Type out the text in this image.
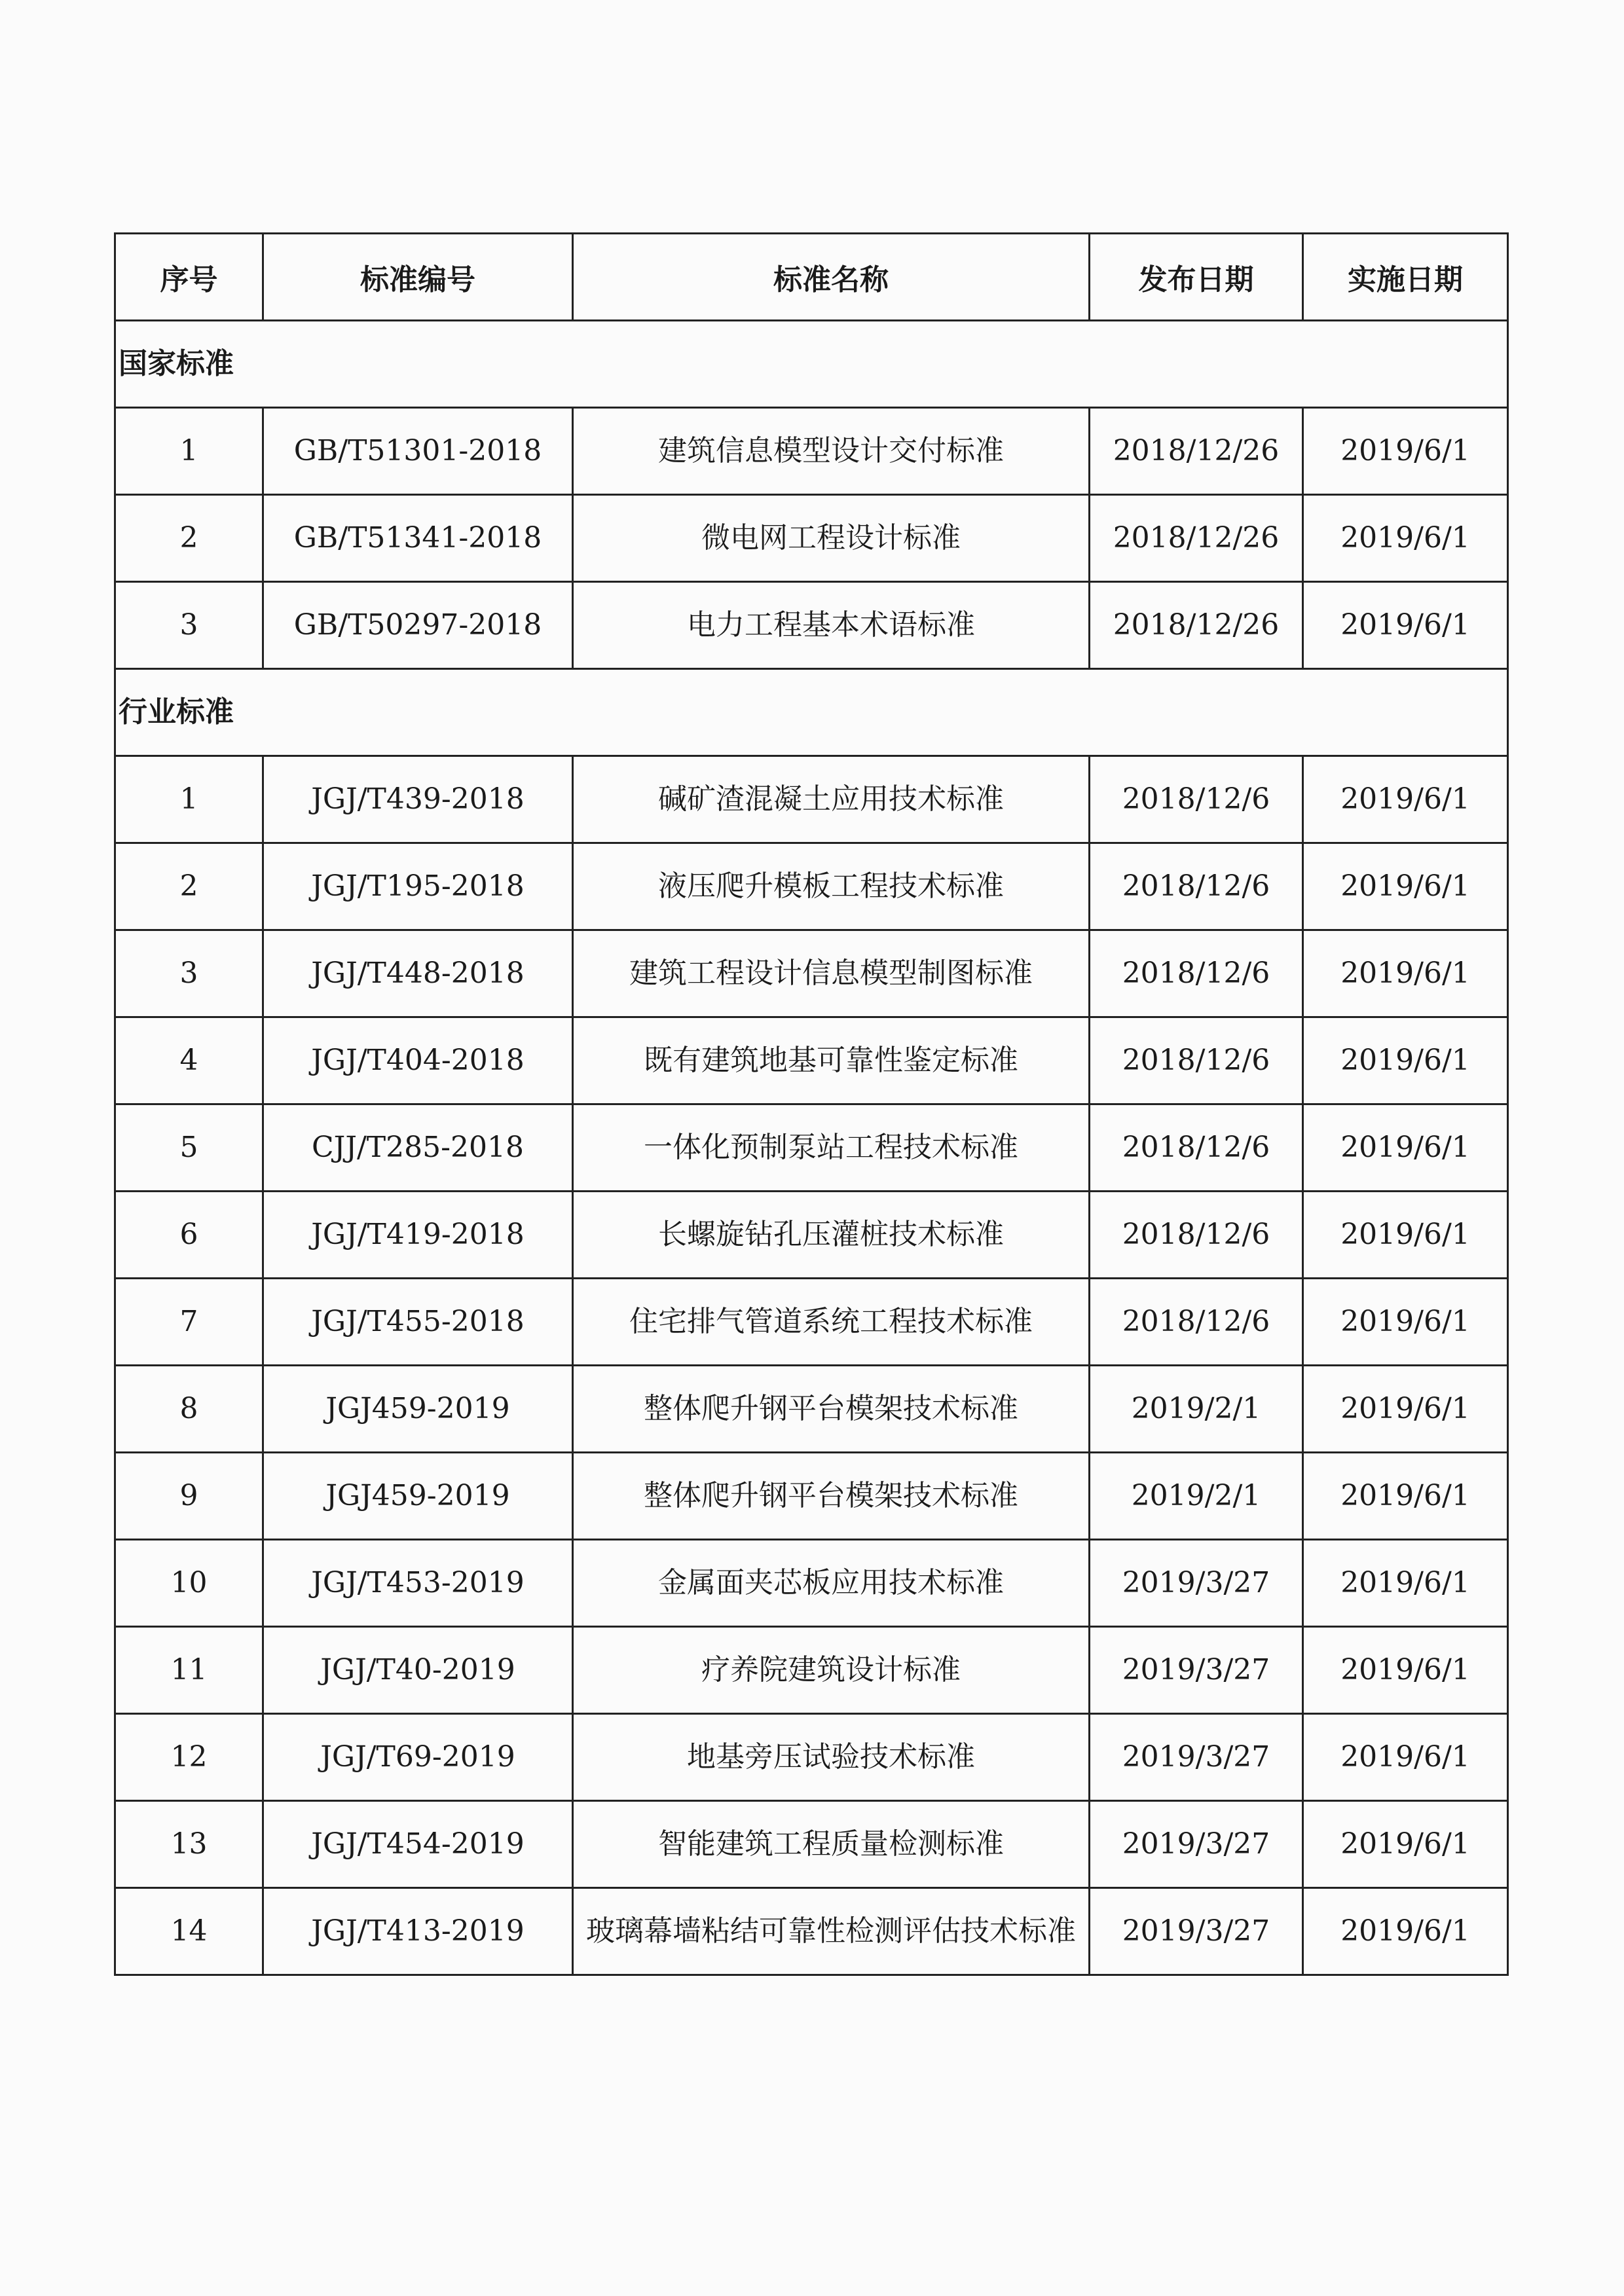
序号	标准编号	标准名称	发布日期	实施日期
国家标准				
1	GB/T51301-2018	建筑信息模型设计交付标准	2018/12/26	2019/6/1
2	GB/T51341-2018	微电网工程设计标准	2018/12/26	2019/6/1
3	GB/T50297-2018	电力工程基本术语标准	2018/12/26	2019/6/1
行业标准				
1	JGJ/T439-2018	碱矿渣混凝土应用技术标准	2018/12/6	2019/6/1
2	JGJ/T195-2018	液压爬升模板工程技术标准	2018/12/6	2019/6/1
3	JGJ/T448-2018	建筑工程设计信息模型制图标准	2018/12/6	2019/6/1
4	JGJ/T404-2018	既有建筑地基可靠性鉴定标准	2018/12/6	2019/6/1
5	CJJ/T285-2018	一体化预制泵站工程技术标准	2018/12/6	2019/6/1
6	JGJ/T419-2018	长螺旋钻孔压灌桩技术标准	2018/12/6	2019/6/1
7	JGJ/T455-2018	住宅排气管道系统工程技术标准	2018/12/6	2019/6/1
8	JGJ459-2019	整体爬升钢平台模架技术标准	2019/2/1	2019/6/1
9	JGJ459-2019	整体爬升钢平台模架技术标准	2019/2/1	2019/6/1
10	JGJ/T453-2019	金属面夹芯板应用技术标准	2019/3/27	2019/6/1
11	JGJ/T40-2019	疗养院建筑设计标准	2019/3/27	2019/6/1
12	JGJ/T69-2019	地基旁压试验技术标准	2019/3/27	2019/6/1
13	JGJ/T454-2019	智能建筑工程质量检测标准	2019/3/27	2019/6/1
14	JGJ/T413-2019	玻璃幕墙粘结可靠性检测评估技术标准	2019/3/27	2019/6/1
